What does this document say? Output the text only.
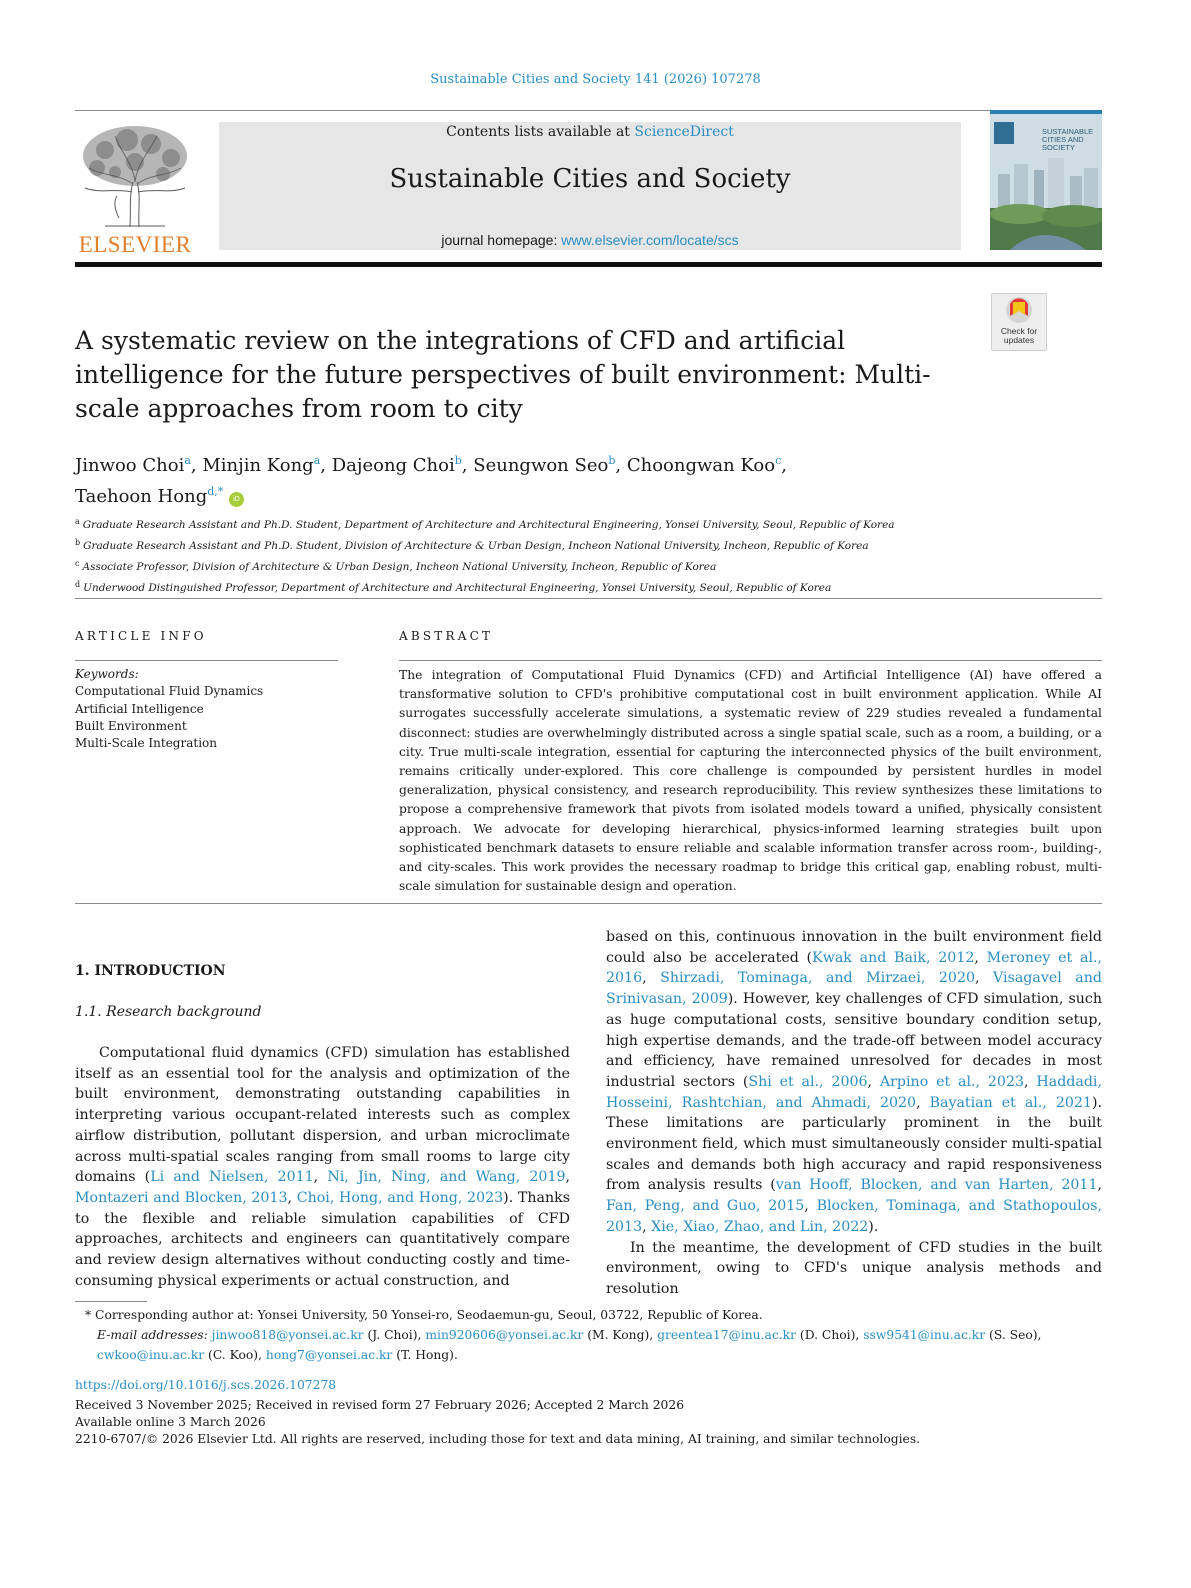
Sustainable Cities and Society 141 (2026) 107278
ELSEVIER
Contents lists available at ScienceDirect
Sustainable Cities and Society
journal homepage: www.elsevier.com/locate/scs
SUSTAINABLE
CITIES AND
SOCIETY
Check for updates
A systematic review on the integrations of CFD and artificial intelligence for the future perspectives of built environment: Multi-scale approaches from room to city
Jinwoo Choi$^a$, Minjin Kong$^a$, Dajeong Choi$^b$, Seungwon Seo$^b$, Choongwan Koo$^c$,
Taehoon Hong$^{d,*}$ iD
$^a$ Graduate Research Assistant and Ph.D. Student, Department of Architecture and Architectural Engineering, Yonsei University, Seoul, Republic of Korea
$^b$ Graduate Research Assistant and Ph.D. Student, Division of Architecture & Urban Design, Incheon National University, Incheon, Republic of Korea
$^c$ Associate Professor, Division of Architecture & Urban Design, Incheon National University, Incheon, Republic of Korea
$^d$ Underwood Distinguished Professor, Department of Architecture and Architectural Engineering, Yonsei University, Seoul, Republic of Korea
ARTICLE INFO
Keywords:
Computational Fluid Dynamics
Artificial Intelligence
Built Environment
Multi-Scale Integration
ABSTRACT
The integration of Computational Fluid Dynamics (CFD) and Artificial Intelligence (AI) have offered a transformative solution to CFD's prohibitive computational cost in built environment application. While AI surrogates successfully accelerate simulations, a systematic review of 229 studies revealed a fundamental disconnect: studies are overwhelmingly distributed across a single spatial scale, such as a room, a building, or a city. True multi-scale integration, essential for capturing the interconnected physics of the built environment, remains critically under-explored. This core challenge is compounded by persistent hurdles in model generalization, physical consistency, and research reproducibility. This review synthesizes these limitations to propose a comprehensive framework that pivots from isolated models toward a unified, physically consistent approach. We advocate for developing hierarchical, physics-informed learning strategies built upon sophisticated benchmark datasets to ensure reliable and scalable information transfer across room-, building-, and city-scales. This work provides the necessary roadmap to bridge this critical gap, enabling robust, multi-scale simulation for sustainable design and operation.
1. INTRODUCTION
1.1. Research background

Computational fluid dynamics (CFD) simulation has established itself as an essential tool for the analysis and optimization of the built environment, demonstrating outstanding capabilities in interpreting various occupant-related interests such as complex airflow distribution, pollutant dispersion, and urban microclimate across multi-spatial scales ranging from small rooms to large city domains (Li and Nielsen, 2011, Ni, Jin, Ning, and Wang, 2019, Montazeri and Blocken, 2013, Choi, Hong, and Hong, 2023). Thanks to the flexible and reliable simulation capabilities of CFD approaches, architects and engineers can quantitatively compare and review design alternatives without conducting costly and time-consuming physical experiments or actual construction, and

based on this, continuous innovation in the built environment field could also be accelerated (Kwak and Baik, 2012, Meroney et al., 2016, Shirzadi, Tominaga, and Mirzaei, 2020, Visagavel and Srinivasan, 2009). However, key challenges of CFD simulation, such as huge computational costs, sensitive boundary condition setup, high expertise demands, and the trade-off between model accuracy and efficiency, have remained unresolved for decades in most industrial sectors (Shi et al., 2006, Arpino et al., 2023, Haddadi, Hosseini, Rashtchian, and Ahmadi, 2020, Bayatian et al., 2021). These limitations are particularly prominent in the built environment field, which must simultaneously consider multi-spatial scales and demands both high accuracy and rapid responsiveness from analysis results (van Hooff, Blocken, and van Harten, 2011, Fan, Peng, and Guo, 2015, Blocken, Tominaga, and Stathopoulos, 2013, Xie, Xiao, Zhao, and Lin, 2022).

In the meantime, the development of CFD studies in the built environment, owing to CFD's unique analysis methods and resolution

* Corresponding author at: Yonsei University, 50 Yonsei-ro, Seodaemun-gu, Seoul, 03722, Republic of Korea.
E-mail addresses: jinwoo818@yonsei.ac.kr (J. Choi), min920606@yonsei.ac.kr (M. Kong), greentea17@inu.ac.kr (D. Choi), ssw9541@inu.ac.kr (S. Seo), cwkoo@inu.ac.kr (C. Koo), hong7@yonsei.ac.kr (T. Hong).
https://doi.org/10.1016/j.scs.2026.107278
Received 3 November 2025; Received in revised form 27 February 2026; Accepted 2 March 2026
Available online 3 March 2026
2210-6707/© 2026 Elsevier Ltd. All rights are reserved, including those for text and data mining, AI training, and similar technologies.
